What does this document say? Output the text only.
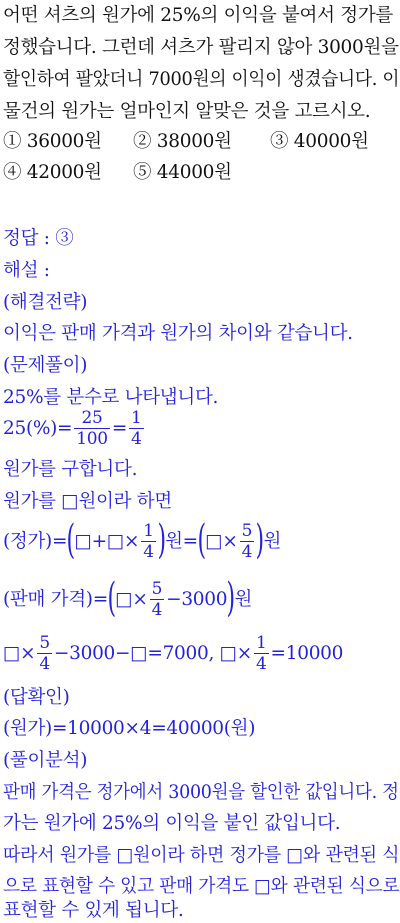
어떤 셔츠의 원가에 25%의 이익을 붙여서 정가를
정했습니다. 그런데 셔츠가 팔리지 않아 3000원을
할인하여 팔았더니 7000원의 이익이 생겼습니다. 이
물건의 원가는 얼마인지 알맞은 것을 고르시오.
① 36000원 ② 38000원 ③ 40000원
④ 42000원 ⑤ 44000원
정답 : ③
해설 :
(해결전략)
이익은 판매 가격과 원가의 차이와 같습니다.
(문제풀이)
25%를 분수로 나타냅니다.
$25(\%)= \frac{25}{100} = \frac{1}{4}$
원가를 구합니다.
원가를 □원이라 하면
(정가)= ( □+□× $\frac{1}{4}$ ) 원= ( □× $\frac{5}{4}$ ) 원
(판매 가격)= ( □× $\frac{5}{4} -3000$ ) 원
□× $\frac{5}{4}$ −3000−□=7000, □× $\frac{1}{4} =10000$
(답확인)
(원가)=10000×4=40000(원)
(풀이분석)
판매 가격은 정가에서 3000원을 할인한 값입니다. 정
가는 원가에 25%의 이익을 붙인 값입니다.
따라서 원가를 □원이라 하면 정가를 □와 관련된 식
으로 표현할 수 있고 판매 가격도 □와 관련된 식으로
표현할 수 있게 됩니다.
